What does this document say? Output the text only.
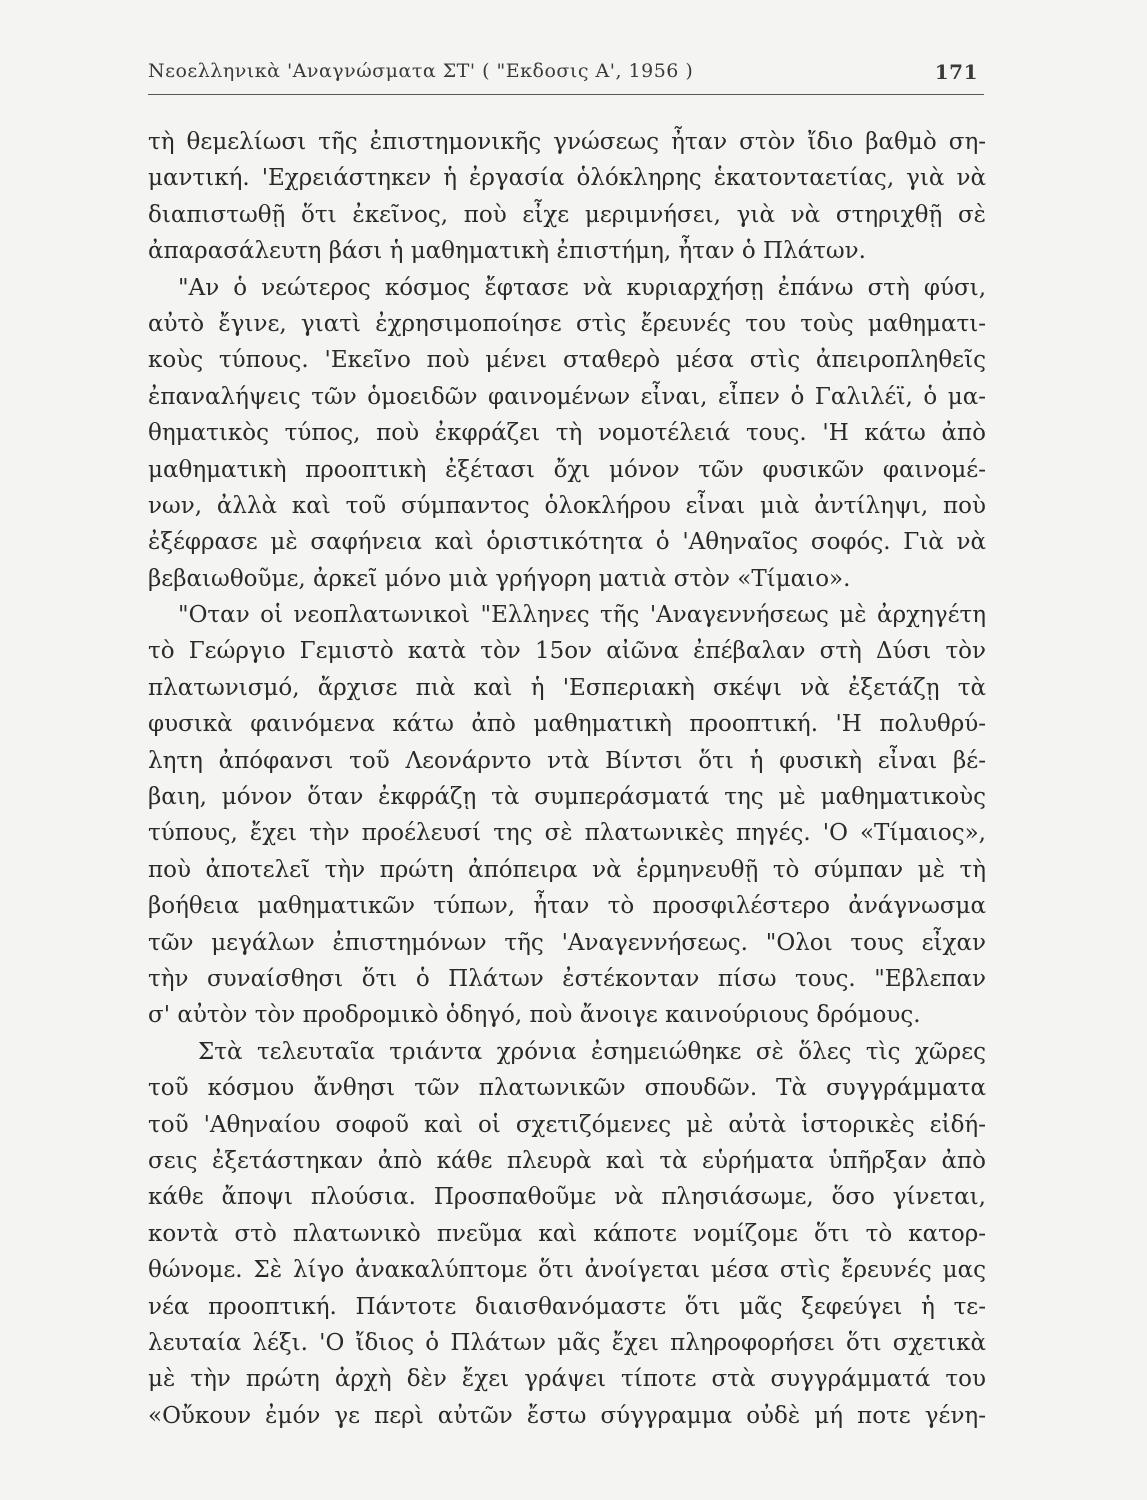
Νεοελληνικὰ 'Αναγνώσματα ΣΤ' ( "Εκδοσις Α', 1956 )	171
τὴ θεμελίωσι τῆς ἐπιστημονικῆς γνώσεως ἦταν στὸν ἴδιο βαθμὸ ση-
μαντική. 'Εχρειάστηκεν ἡ ἐργασία ὁλόκληρης ἑκατονταετίας, γιὰ νὰ
διαπιστωθῇ ὅτι ἐκεῖνος, ποὺ εἶχε μεριμνήσει, γιὰ νὰ στηριχθῇ σὲ
ἀπαρασάλευτη βάσι ἡ μαθηματικὴ ἐπιστήμη, ἦταν ὁ Πλάτων.
"Αν ὁ νεώτερος κόσμος ἔφτασε νὰ κυριαρχήσῃ ἐπάνω στὴ φύσι,
αὐτὸ ἔγινε, γιατὶ ἐχρησιμοποίησε στὶς ἔρευνές του τοὺς μαθηματι-
κοὺς τύπους. 'Εκεῖνο ποὺ μένει σταθερὸ μέσα στὶς ἀπειροπληθεῖς
ἐπαναλήψεις τῶν ὁμοειδῶν φαινομένων εἶναι, εἶπεν ὁ Γαλιλέϊ, ὁ μα-
θηματικὸς τύπος, ποὺ ἐκφράζει τὴ νομοτέλειά τους. 'Η κάτω ἀπὸ
μαθηματικὴ προοπτικὴ ἐξέτασι ὄχι μόνον τῶν φυσικῶν φαινομέ-
νων, ἀλλὰ καὶ τοῦ σύμπαντος ὁλοκλήρου εἶναι μιὰ ἀντίληψι, ποὺ
ἐξέφρασε μὲ σαφήνεια καὶ ὁριστικότητα ὁ 'Αθηναῖος σοφός. Γιὰ νὰ
βεβαιωθοῦμε, ἀρκεῖ μόνο μιὰ γρήγορη ματιὰ στὸν «Τίμαιο».
"Οταν οἱ νεοπλατωνικοὶ "Ελληνες τῆς 'Αναγεννήσεως μὲ ἀρχηγέτη
τὸ Γεώργιο Γεμιστὸ κατὰ τὸν 15ον αἰῶνα ἐπέβαλαν στὴ Δύσι τὸν
πλατωνισμό, ἄρχισε πιὰ καὶ ἡ 'Εσπεριακὴ σκέψι νὰ ἐξετάζῃ τὰ
φυσικὰ φαινόμενα κάτω ἀπὸ μαθηματικὴ προοπτική. 'Η πολυθρύ-
λητη ἀπόφανσι τοῦ Λεονάρντο ντὰ Βίντσι ὅτι ἡ φυσικὴ εἶναι βέ-
βαιη, μόνον ὅταν ἐκφράζῃ τὰ συμπεράσματά της μὲ μαθηματικοὺς
τύπους, ἔχει τὴν προέλευσί της σὲ πλατωνικὲς πηγές. 'Ο «Τίμαιος»,
ποὺ ἀποτελεῖ τὴν πρώτη ἀπόπειρα νὰ ἑρμηνευθῇ τὸ σύμπαν μὲ τὴ
βοήθεια μαθηματικῶν τύπων, ἦταν τὸ προσφιλέστερο ἀνάγνωσμα
τῶν μεγάλων ἐπιστημόνων τῆς 'Αναγεννήσεως. "Ολοι τους εἶχαν
τὴν συναίσθησι ὅτι ὁ Πλάτων ἐστέκονταν πίσω τους. "Εβλεπαν
σ' αὐτὸν τὸν προδρομικὸ ὁδηγό, ποὺ ἄνοιγε καινούριους δρόμους.
Στὰ τελευταῖα τριάντα χρόνια ἐσημειώθηκε σὲ ὅλες τὶς χῶρες
τοῦ κόσμου ἄνθησι τῶν πλατωνικῶν σπουδῶν. Τὰ συγγράμματα
τοῦ 'Αθηναίου σοφοῦ καὶ οἱ σχετιζόμενες μὲ αὐτὰ ἱστορικὲς εἰδή-
σεις ἐξετάστηκαν ἀπὸ κάθε πλευρὰ καὶ τὰ εὑρήματα ὑπῆρξαν ἀπὸ
κάθε ἄποψι πλούσια. Προσπαθοῦμε νὰ πλησιάσωμε, ὅσο γίνεται,
κοντὰ στὸ πλατωνικὸ πνεῦμα καὶ κάποτε νομίζομε ὅτι τὸ κατορ-
θώνομε. Σὲ λίγο ἀνακαλύπτομε ὅτι ἀνοίγεται μέσα στὶς ἔρευνές μας
νέα προοπτική. Πάντοτε διαισθανόμαστε ὅτι μᾶς ξεφεύγει ἡ τε-
λευταία λέξι. 'Ο ἴδιος ὁ Πλάτων μᾶς ἔχει πληροφορήσει ὅτι σχετικὰ
μὲ τὴν πρώτη ἀρχὴ δὲν ἔχει γράψει τίποτε στὰ συγγράμματά του
«Οὔκουν ἐμόν γε περὶ αὐτῶν ἔστω σύγγραμμα οὐδὲ μή ποτε γένη-
